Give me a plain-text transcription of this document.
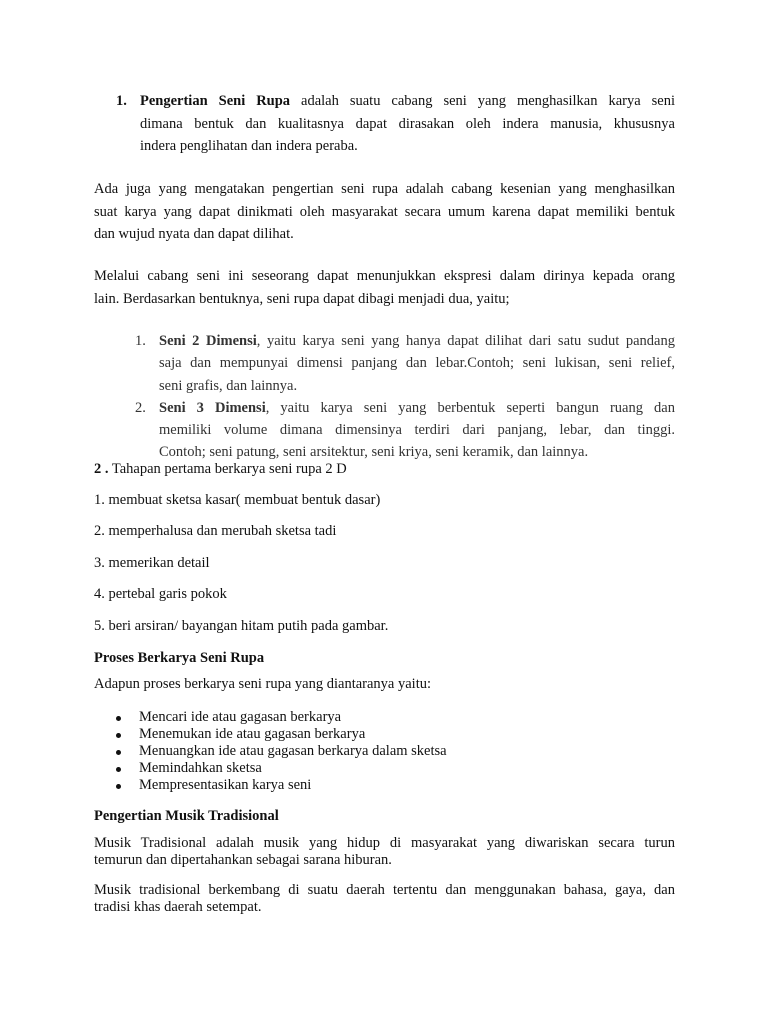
1. Pengertian Seni Rupa adalah suatu cabang seni yang menghasilkan karya seni
dimana bentuk dan kualitasnya dapat dirasakan oleh indera manusia, khususnya
indera penglihatan dan indera peraba.
Ada juga yang mengatakan pengertian seni rupa adalah cabang kesenian yang menghasilkan
suat karya yang dapat dinikmati oleh masyarakat secara umum karena dapat memiliki bentuk
dan wujud nyata dan dapat dilihat.
Melalui cabang seni ini seseorang dapat menunjukkan ekspresi dalam dirinya kepada orang
lain. Berdasarkan bentuknya, seni rupa dapat dibagi menjadi dua, yaitu;
1. Seni 2 Dimensi, yaitu karya seni yang hanya dapat dilihat dari satu sudut pandang
saja dan mempunyai dimensi panjang dan lebar.Contoh; seni lukisan, seni relief,
seni grafis, dan lainnya.
2. Seni 3 Dimensi, yaitu karya seni yang berbentuk seperti bangun ruang dan
memiliki volume dimana dimensinya terdiri dari panjang, lebar, dan tinggi.
Contoh; seni patung, seni arsitektur, seni kriya, seni keramik, dan lainnya.
2 . Tahapan pertama berkarya seni rupa 2 D
1. membuat sketsa kasar( membuat bentuk dasar)
2. memperhalusa dan merubah sketsa tadi
3. memerikan detail
4. pertebal garis pokok
5. beri arsiran/ bayangan hitam putih pada gambar.
Proses Berkarya Seni Rupa
Adapun proses berkarya seni rupa yang diantaranya yaitu:
Mencari ide atau gagasan berkarya
Menemukan ide atau gagasan berkarya
Menuangkan ide atau gagasan berkarya dalam sketsa
Memindahkan sketsa
Mempresentasikan karya seni
Pengertian Musik Tradisional
Musik Tradisional adalah musik yang hidup di masyarakat yang diwariskan secara turun
temurun dan dipertahankan sebagai sarana hiburan.
Musik tradisional berkembang di suatu daerah tertentu dan menggunakan bahasa, gaya, dan
tradisi khas daerah setempat.
